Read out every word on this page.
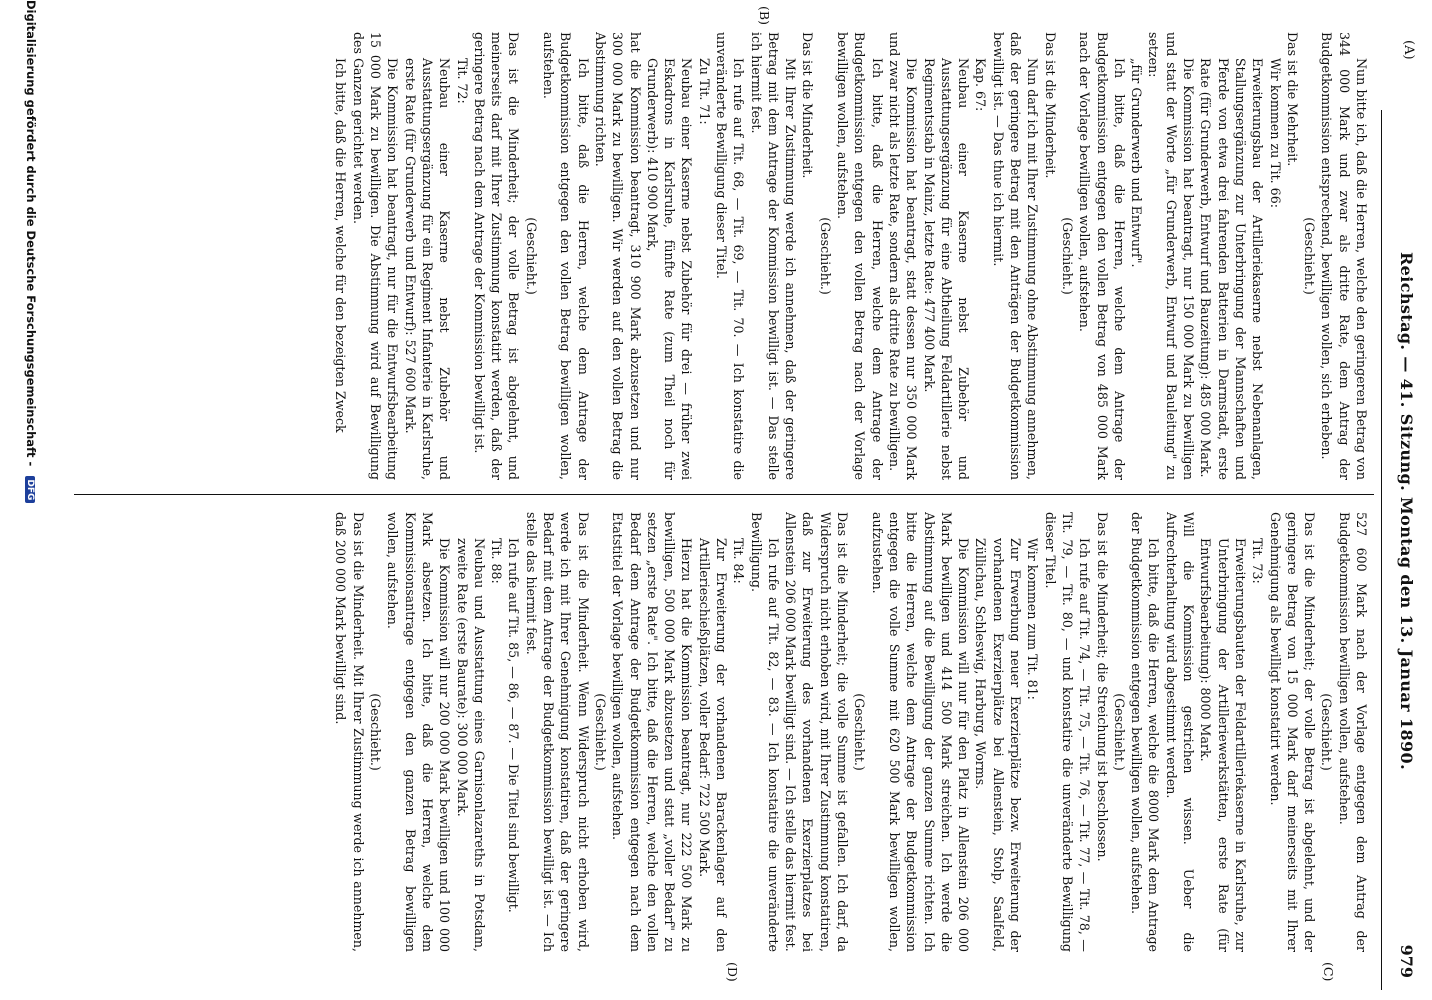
(A)
Reichstag. — 41. Sitzung. Montag den 13. Januar 1890.
979

Nun bitte ich, daß die Herren, welche den geringeren Betrag von 344 000 Mark und zwar als dritte Rate, dem Antrag der Budgetkommission entsprechend, bewilligen wollen, sich erheben.

(Geschieht.)

Das ist die Mehrheit.

Wir kommen zu Tit. 66:

Erweiterungsbau der Artilleriekaserne nebst Nebenanlagen, Stallungsergänzung zur Unterbringung der Mannschaften und Pferde von etwa drei fahrenden Batterien in Darmstadt, erste Rate (für Grunderwerb, Entwurf und Bauzeitung): 485 000 Mark.

Die Kommission hat beantragt, nur 150 000 Mark zu bewilligen und statt der Worte „für Grunderwerb, Entwurf und Bauleitung" zu setzen:

„für Grunderwerb und Entwurf".

Ich bitte, daß die Herren, welche dem Antrage der Budgetkommission entgegen den vollen Betrag von 485 000 Mark nach der Vorlage bewilligen wollen, aufstehen.

(Geschieht.)

Das ist die Minderheit.

Nun darf ich mit Ihrer Zustimmung ohne Abstimmung annehmen, daß der geringere Betrag mit den Anträgen der Budgetkommission bewilligt ist. — Das thue ich hiermit.

Kap. 67:

Neubau einer Kaserne nebst Zubehör und Ausstattungsergänzung für eine Abtheilung Feldartillerie nebst Regimentsstab in Mainz, letzte Rate: 477 400 Mark.

Die Kommission hat beantragt, statt dessen nur 350 000 Mark und zwar nicht als letzte Rate, sondern als dritte Rate zu bewilligen.

Ich bitte, daß die Herren, welche dem Antrage der Budgetkommission entgegen den vollen Betrag nach der Vorlage bewilligen wollen, aufstehen.

(Geschieht.)

Das ist die Minderheit.

Mit Ihrer Zustimmung werde ich annehmen, daß der geringere Betrag mit dem Antrage der Kommission bewilligt ist. — Das stelle ich hiermit fest.

Ich rufe auf Tit. 68, — Tit. 69, — Tit. 70. — Ich konstatire die unveränderte Bewilligung dieser Titel.

Zu Tit. 71:

Neubau einer Kaserne nebst Zubehör für drei — früher zwei Eskadrons in Karlsruhe, fünfte Rate (zum Theil noch für Grunderwerb): 410 900 Mark,

hat die Kommission beantragt, 310 900 Mark abzusetzen und nur 300 000 Mark zu bewilligen. Wir werden auf den vollen Betrag die Abstimmung richten.

Ich bitte, daß die Herren, welche dem Antrage der Budgetkommission entgegen den vollen Betrag bewilligen wollen, aufstehen.

(Geschieht.)

Das ist die Minderheit; der volle Betrag ist abgelehnt, und meinerseits darf mit Ihrer Zustimmung konstatirt werden, daß der geringere Betrag nach dem Antrage der Kommission bewilligt ist.

Tit. 72:

Neubau einer Kaserne nebst Zubehör und Ausstattungsergänzung für ein Regiment Infanterie in Karlsruhe, erste Rate (für Grunderwerb und Entwurf): 527 600 Mark.

Die Kommission hat beantragt, nur für die Entwurfsbearbeitung 15 000 Mark zu bewilligen. Die Abstimmung wird auf Bewilligung des Ganzen gerichtet werden.

Ich bitte, daß die Herren, welche für den bezeigten Zweck

527 600 Mark nach der Vorlage entgegen dem Antrag der Budgetkommission bewilligen wollen, aufstehen.

(Geschieht.)

Das ist die Minderheit; der volle Betrag ist abgelehnt, und der geringere Betrag von 15 000 Mark darf meinerseits mit Ihrer Genehmigung als bewilligt konstatirt werden.

Tit. 73:

Erweiterungsbauten der Feldartilleriekaserne in Karlsruhe, zur Unterbringung der Artilleriewerkstätten, erste Rate (für Entwurfsbearbeitung): 8000 Mark.

Will die Kommission gestrichen wissen. Ueber die Aufrechterhaltung wird abgestimmt werden.

Ich bitte, daß die Herren, welche die 8000 Mark dem Antrage der Budgetkommission entgegen bewilligen wollen, aufstehen.

(Geschieht.)

Das ist die Minderheit; die Streichung ist beschlossen.

Ich rufe auf Tit. 74, — Tit. 75, — Tit. 76, — Tit. 77, — Tit. 78, — Tit. 79, — Tit. 80, — und konstatire die unveränderte Bewilligung dieser Titel.

Wir kommen zum Tit. 81:

Zur Erwerbung neuer Exerzierplätze bezw. Erweiterung der vorhandenen Exerzierplätze bei Allenstein, Stolp, Saalfeld, Züllichau, Schleswig, Harburg, Worms.

Die Kommission will nur für den Platz in Allenstein 206 000 Mark bewilligen und 414 500 Mark streichen. Ich werde die Abstimmung auf die Bewilligung der ganzen Summe richten. Ich bitte die Herren, welche dem Antrage der Budgetkommission entgegen die volle Summe mit 620 500 Mark bewilligen wollen, aufzustehen.

(Geschieht.)

Das ist die Minderheit; die volle Summe ist gefallen. Ich darf, da Widerspruch nicht erhoben wird, mit Ihrer Zustimmung konstatiren, daß zur Erweiterung des vorhandenen Exerzierplatzes bei Allenstein 206 000 Mark bewilligt sind. — Ich stelle das hiermit fest.

Ich rufe auf Tit. 82, — 83. — Ich konstatire die unveränderte Bewilligung.

Tit. 84:

Zur Erweiterung der vorhandenen Barackenlager auf den Artillerieschießplätzen, voller Bedarf: 722 500 Mark.

Hierzu hat die Kommission beantragt, nur 222 500 Mark zu bewilligen, 500 000 Mark abzusetzen und statt „voller Bedarf" zu setzen „erste Rate". Ich bitte, daß die Herren, welche den vollen Bedarf dem Antrage der Budgetkommission entgegen nach dem Etatstitel der Vorlage bewilligen wollen, aufstehen.

(Geschieht.)

Das ist die Minderheit. Wenn Widerspruch nicht erhoben wird, werde ich mit Ihrer Genehmigung konstatiren, daß der geringere Bedarf mit dem Antrage der Budgetkommission bewilligt ist. — Ich stelle das hiermit fest.

Ich rufe auf Tit. 85, — 86, — 87. — Die Titel sind bewilligt.

Tit. 88:

Neubau und Ausstattung eines Garnisonlazareths in Potsdam, zweite Rate (erste Baurate): 300 000 Mark.

Die Kommission will nur 200 000 Mark bewilligen und 100 000 Mark absetzen. Ich bitte, daß die Herren, welche dem Kommissionsantrage entgegen den ganzen Betrag bewilligen wollen, aufstehen.

(Geschieht.)

Das ist die Minderheit. Mit Ihrer Zustimmung werde ich annehmen, daß 200 000 Mark bewilligt sind.

(B)
(C)
(D)
Digitalisierung gefördert durch die Deutsche Forschungsgemeinschaft - DFG
